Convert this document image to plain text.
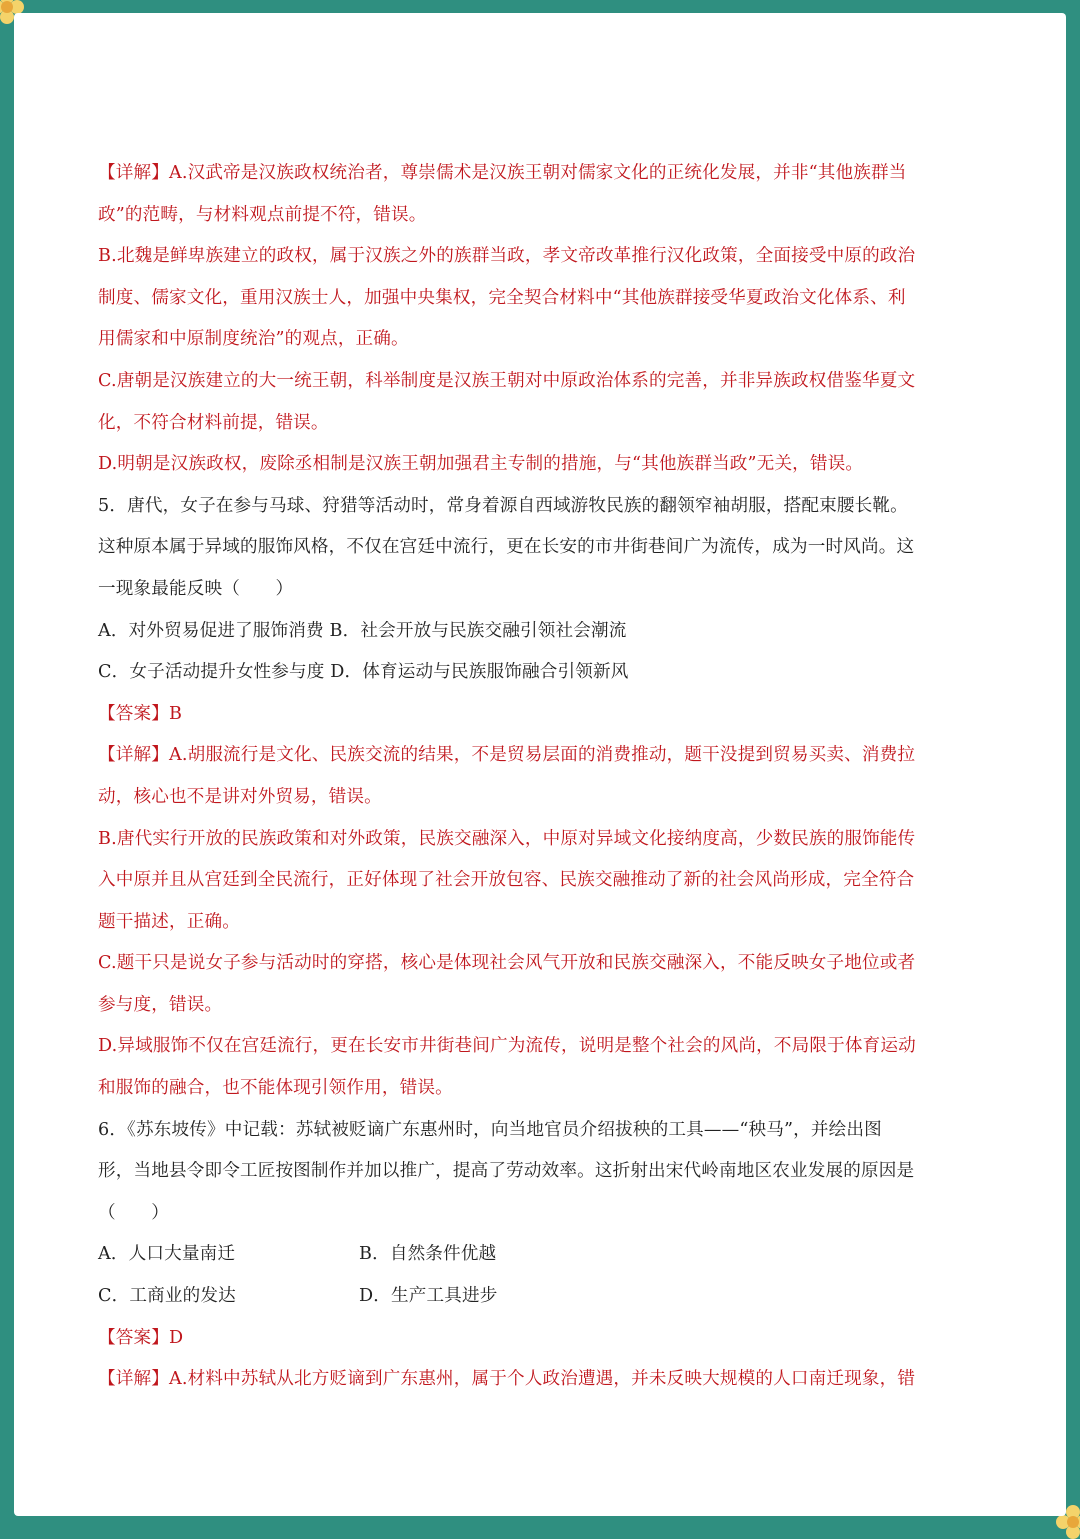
【详解】A.汉武帝是汉族政权统治者，尊崇儒术是汉族王朝对儒家文化的正统化发展，并非“其他族群当
政”的范畴，与材料观点前提不符，错误。
B.北魏是鲜卑族建立的政权，属于汉族之外的族群当政，孝文帝改革推行汉化政策，全面接受中原的政治
制度、儒家文化，重用汉族士人，加强中央集权，完全契合材料中“其他族群接受华夏政治文化体系、利
用儒家和中原制度统治”的观点，正确。
C.唐朝是汉族建立的大一统王朝，科举制度是汉族王朝对中原政治体系的完善，并非异族政权借鉴华夏文
化，不符合材料前提，错误。
D.明朝是汉族政权，废除丞相制是汉族王朝加强君主专制的措施，与“其他族群当政”无关，错误。
5．唐代，女子在参与马球、狩猎等活动时，常身着源自西域游牧民族的翻领窄袖胡服，搭配束腰长靴。
这种原本属于异域的服饰风格，不仅在宫廷中流行，更在长安的市井街巷间广为流传，成为一时风尚。这
一现象最能反映（　　）
A．对外贸易促进了服饰消费 B．社会开放与民族交融引领社会潮流
C．女子活动提升女性参与度 D．体育运动与民族服饰融合引领新风
【答案】B
【详解】A.胡服流行是文化、民族交流的结果，不是贸易层面的消费推动，题干没提到贸易买卖、消费拉
动，核心也不是讲对外贸易，错误。
B.唐代实行开放的民族政策和对外政策，民族交融深入，中原对异域文化接纳度高，少数民族的服饰能传
入中原并且从宫廷到全民流行，正好体现了社会开放包容、民族交融推动了新的社会风尚形成，完全符合
题干描述，正确。
C.题干只是说女子参与活动时的穿搭，核心是体现社会风气开放和民族交融深入，不能反映女子地位或者
参与度，错误。
D.异域服饰不仅在宫廷流行，更在长安市井街巷间广为流传，说明是整个社会的风尚，不局限于体育运动
和服饰的融合，也不能体现引领作用，错误。
6．《苏东坡传》中记载：苏轼被贬谪广东惠州时，向当地官员介绍拔秧的工具——“秧马”，并绘出图
形，当地县令即令工匠按图制作并加以推广，提高了劳动效率。这折射出宋代岭南地区农业发展的原因是
（　　）
A．人口大量南迁	B．自然条件优越
C．工商业的发达	D．生产工具进步
【答案】D
【详解】A.材料中苏轼从北方贬谪到广东惠州，属于个人政治遭遇，并未反映大规模的人口南迁现象，错
